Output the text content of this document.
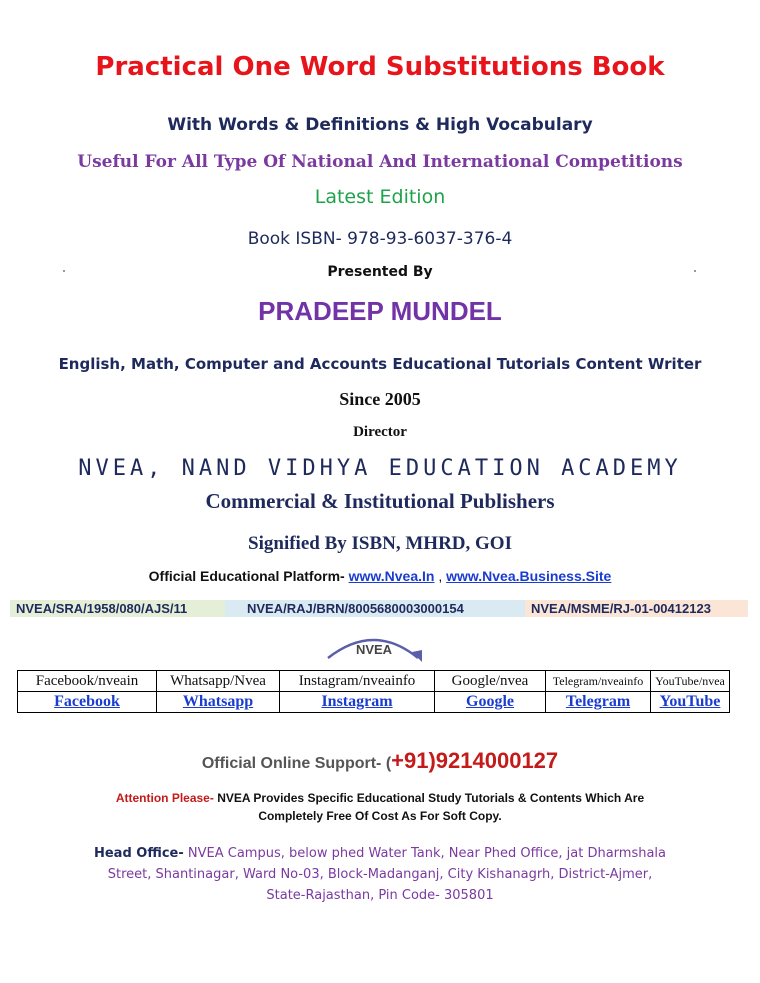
Practical One Word Substitutions Book
With Words & Definitions & High Vocabulary
Useful For All Type Of National And International Competitions
Latest Edition
Book ISBN- 978-93-6037-376-4
Presented By
PRADEEP MUNDEL
English, Math, Computer and Accounts Educational Tutorials Content Writer
Since 2005
Director
NVEA, NAND VIDHYA EDUCATION ACADEMY
Commercial & Institutional Publishers
Signified By ISBN, MHRD, GOI
Official Educational Platform- www.Nvea.In , www.Nvea.Business.Site
NVEA/SRA/1958/080/AJS/11	NVEA/RAJ/BRN/8005680003000154	NVEA/MSME/RJ-01-00412123
NVEA
Facebook/nveain	Whatsapp/Nvea	Instagram/nveainfo	Google/nvea	Telegram/nveainfo	YouTube/nvea
Facebook	Whatsapp	Instagram	Google	Telegram	YouTube
Official Online Support- (+91)9214000127
Attention Please- NVEA Provides Specific Educational Study Tutorials & Contents Which Are
Completely Free Of Cost As For Soft Copy.
Head Office- NVEA Campus, below phed Water Tank, Near Phed Office, jat Dharmshala
Street, Shantinagar, Ward No-03, Block-Madanganj, City Kishanagrh, District-Ajmer,
State-Rajasthan, Pin Code- 305801
